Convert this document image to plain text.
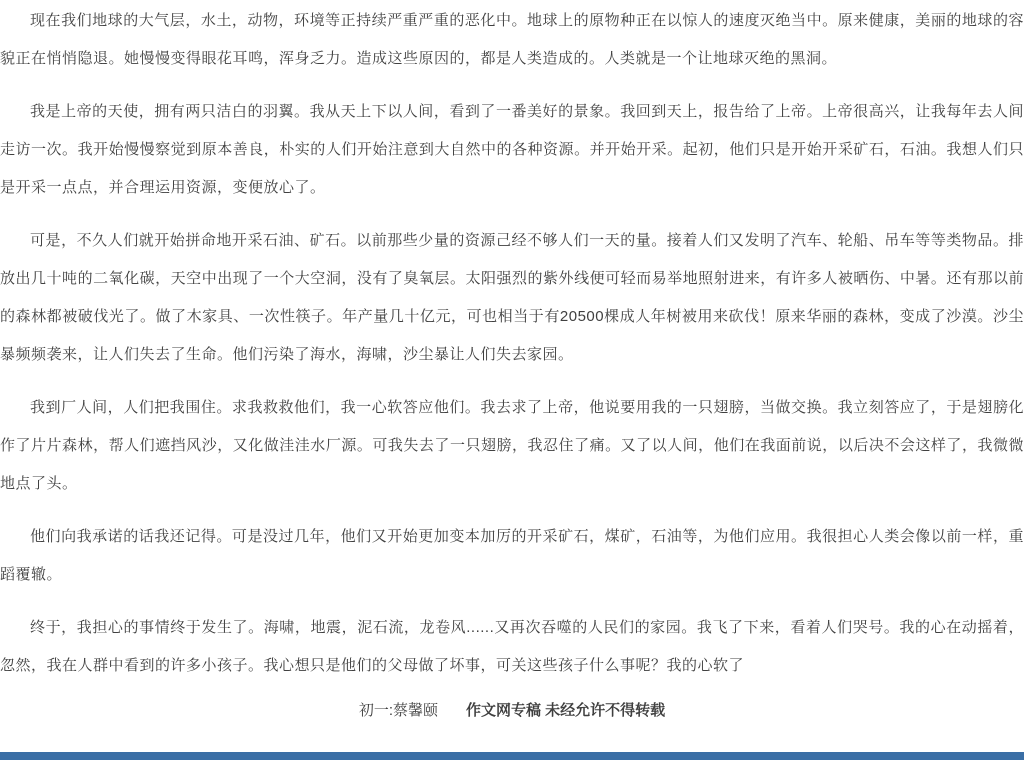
现在我们地球的大气层，水土，动物，环境等正持续严重严重的恶化中。地球上的原物种正在以惊人的速度灭绝当中。原来健康，美丽的地球的容貌正在悄悄隐退。她慢慢变得眼花耳鸣，浑身乏力。造成这些原因的，都是人类造成的。人类就是一个让地球灭绝的黑洞。

我是上帝的天使，拥有两只洁白的羽翼。我从天上下以人间，看到了一番美好的景象。我回到天上，报告给了上帝。上帝很高兴，让我每年去人间走访一次。我开始慢慢察觉到原本善良，朴实的人们开始注意到大自然中的各种资源。并开始开采。起初，他们只是开始开采矿石，石油。我想人们只是开采一点点，并合理运用资源，变便放心了。

可是，不久人们就开始拼命地开采石油、矿石。以前那些少量的资源己经不够人们一天的量。接着人们又发明了汽车、轮船、吊车等等类物品。排放出几十吨的二氧化碳，天空中出现了一个大空洞，没有了臭氧层。太阳强烈的紫外线便可轻而易举地照射进来，有许多人被晒伤、中暑。还有那以前的森林都被破伐光了。做了木家具、一次性筷子。年产量几十亿元，可也相当于有20500棵成人年树被用来砍伐！原来华丽的森林，变成了沙漠。沙尘暴频频袭来，让人们失去了生命。他们污染了海水，海啸，沙尘暴让人们失去家园。

我到厂人间，人们把我围住。求我救救他们，我一心软答应他们。我去求了上帝，他说要用我的一只翅膀，当做交换。我立刻答应了，于是翅膀化作了片片森林，帮人们遮挡风沙，又化做洼洼水厂源。可我失去了一只翅膀，我忍住了痛。又了以人间，他们在我面前说，以后决不会这样了，我微微地点了头。

他们向我承诺的话我还记得。可是没过几年，他们又开始更加变本加厉的开采矿石，煤矿，石油等，为他们应用。我很担心人类会像以前一样，重蹈覆辙。

终于，我担心的事情终于发生了。海啸，地震，泥石流，龙卷风......又再次吞噬的人民们的家园。我飞了下来，看着人们哭号。我的心在动摇着，忽然，我在人群中看到的许多小孩子。我心想只是他们的父母做了坏事，可关这些孩子什么事呢？我的心软了

初一:蔡馨颐 作文网专稿 未经允许不得转载
